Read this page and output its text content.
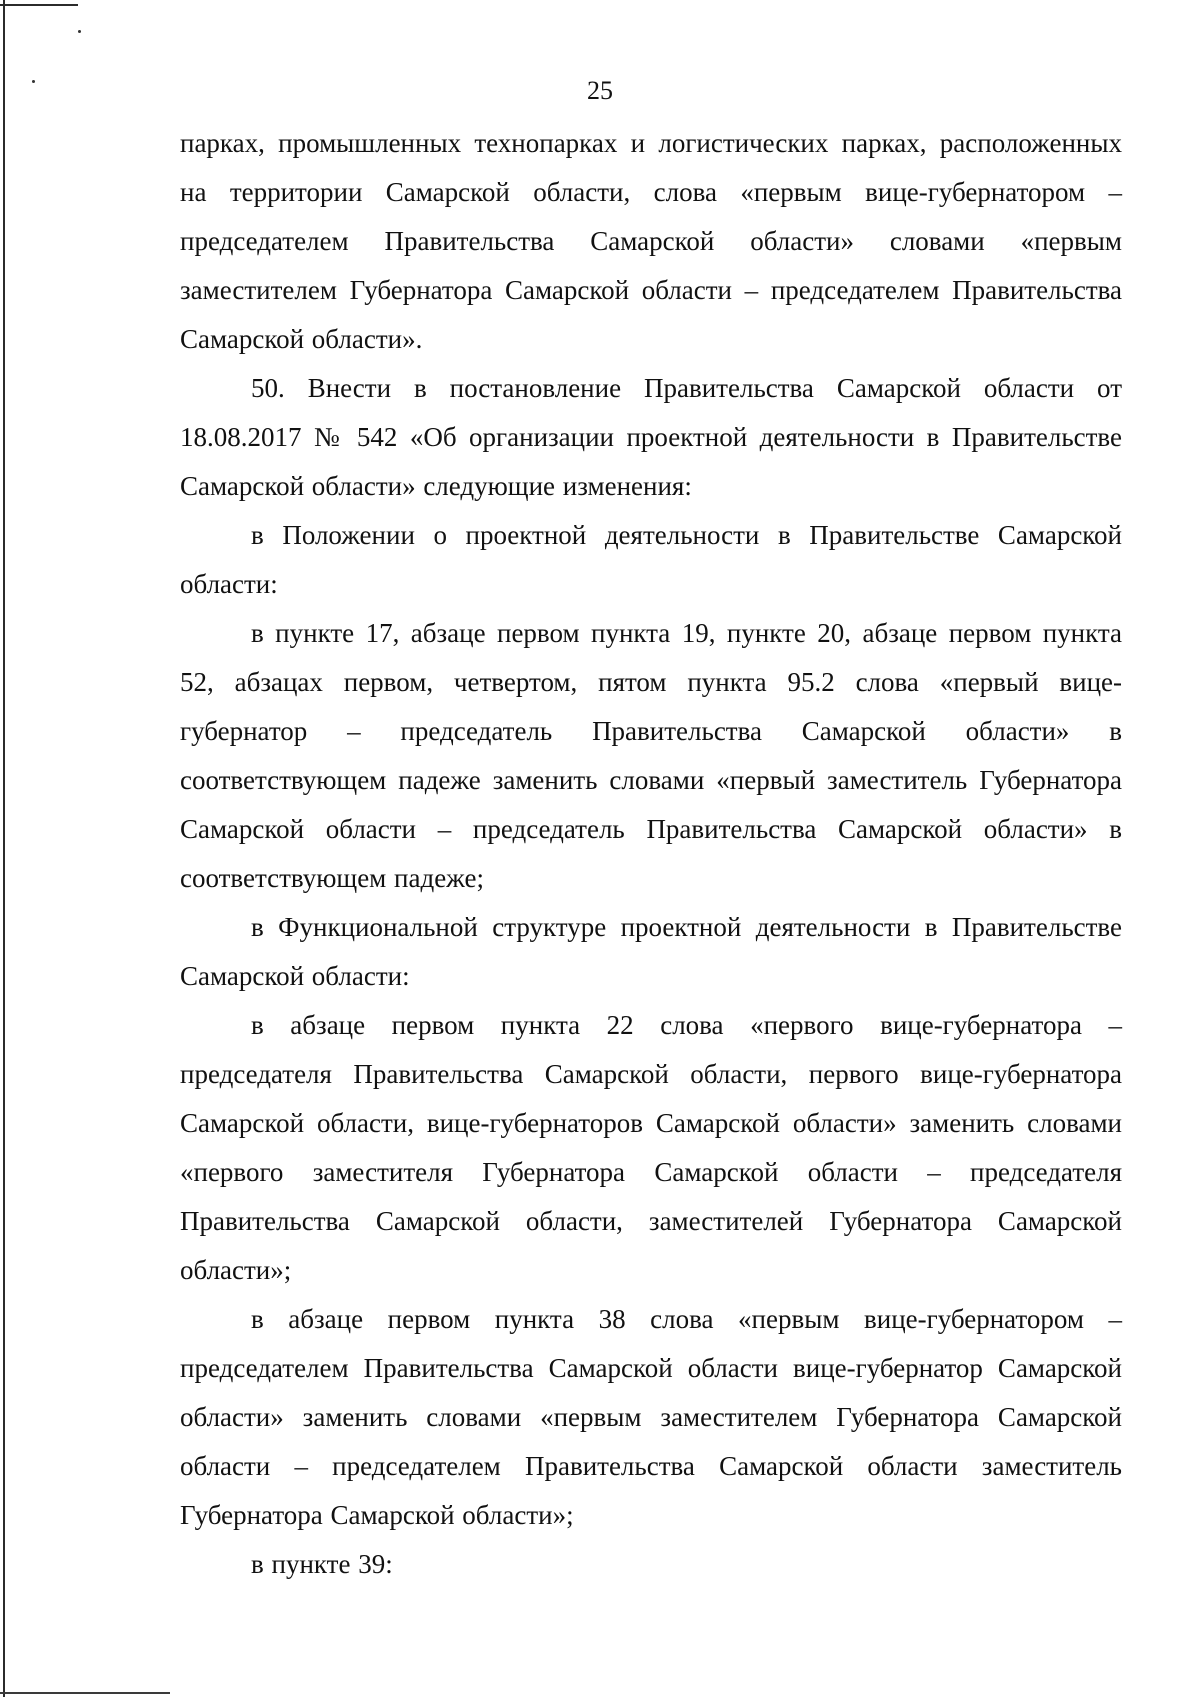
25

парках, промышленных технопарках и логистических парках, расположенных на территории Самарской области, слова «первым вице-губернатором – председателем Правительства Самарской области» словами «первым заместителем Губернатора Самарской области – председателем Правительства Самарской области».

50. Внести в постановление Правительства Самарской области от 18.08.2017 № 542 «Об организации проектной деятельности в Правительстве Самарской области» следующие изменения:

в Положении о проектной деятельности в Правительстве Самарской области:

в пункте 17, абзаце первом пункта 19, пункте 20, абзаце первом пункта 52, абзацах первом, четвертом, пятом пункта 95.2 слова «первый вице-губернатор – председатель Правительства Самарской области» в соответствующем падеже заменить словами «первый заместитель Губернатора Самарской области – председатель Правительства Самарской области» в соответствующем падеже;

в Функциональной структуре проектной деятельности в Правительстве Самарской области:

в абзаце первом пункта 22 слова «первого вице-губернатора – председателя Правительства Самарской области, первого вице-губернатора Самарской области, вице-губернаторов Самарской области» заменить словами «первого заместителя Губернатора Самарской области – председателя Правительства Самарской области, заместителей Губернатора Самарской области»;

в абзаце первом пункта 38 слова «первым вице-губернатором – председателем Правительства Самарской области вице-губернатор Самарской области» заменить словами «первым заместителем Губернатора Самарской области – председателем Правительства Самарской области заместитель Губернатора Самарской области»;

в пункте 39:
